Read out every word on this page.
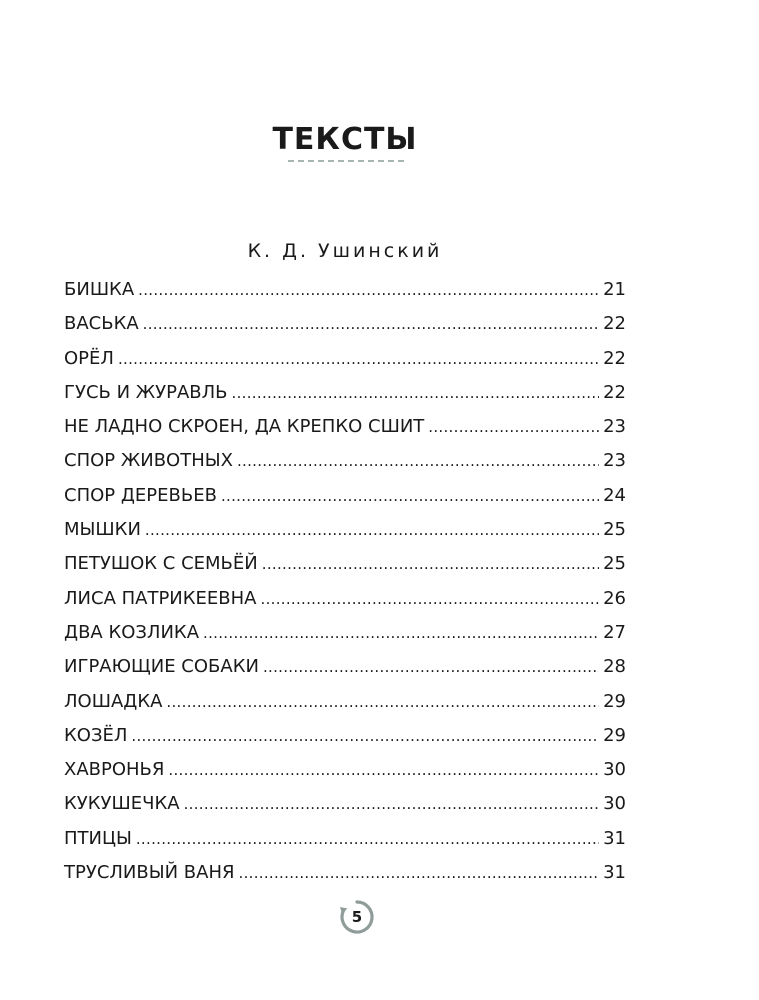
ТЕКСТЫ
К. Д. Ушинский
БИШКА .....	21
ВАСЬКА .....	22
ОРЁЛ .....	22
ГУСЬ И ЖУРАВЛЬ .....	22
НЕ ЛАДНО СКРОЕН, ДА КРЕПКО СШИТ .....	23
СПОР ЖИВОТНЫХ .....	23
СПОР ДЕРЕВЬЕВ .....	24
МЫШКИ .....	25
ПЕТУШОК С СЕМЬЁЙ .....	25
ЛИСА ПАТРИКЕЕВНА .....	26
ДВА КОЗЛИКА .....	27
ИГРАЮЩИЕ СОБАКИ .....	28
ЛОШАДКА .....	29
КОЗЁЛ .....	29
ХАВРОНЬЯ .....	30
КУКУШЕЧКА .....	30
ПТИЦЫ .....	31
ТРУСЛИВЫЙ ВАНЯ .....	31
5
